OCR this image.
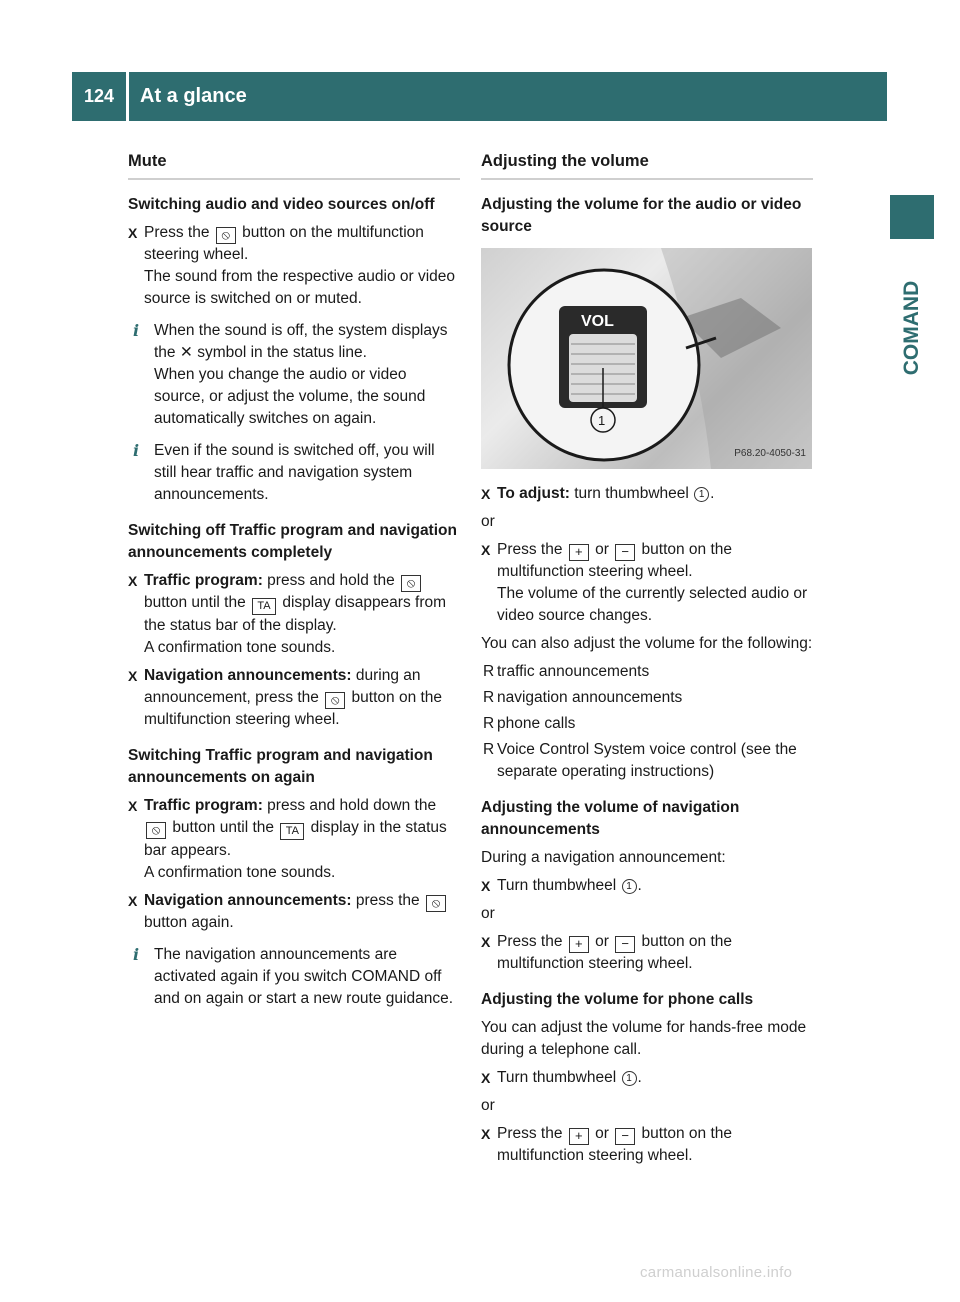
124	At a glance
COMAND
Mute
Switching audio and video sources on/off
X Press the ⦸ button on the multifunction steering wheel.
The sound from the respective audio or video source is switched on or muted.
i When the sound is off, the system displays the ✕ symbol in the status line.
When you change the audio or video source, or adjust the volume, the sound automatically switches on again.
i Even if the sound is switched off, you will still hear traffic and navigation system announcements.
Switching off Traffic program and navigation announcements completely
X Traffic program: press and hold the ⦸ button until the TA display disappears from the status bar of the display.
A confirmation tone sounds.
X Navigation announcements: during an announcement, press the ⦸ button on the multifunction steering wheel.
Switching Traffic program and navigation announcements on again
X Traffic program: press and hold down the ⦸ button until the TA display in the status bar appears.
A confirmation tone sounds.
X Navigation announcements: press the ⦸ button again.
i The navigation announcements are activated again if you switch COMAND off and on again or start a new route guidance.
Adjusting the volume
Adjusting the volume for the audio or video source
VOL
1
P68.20-4050-31
X To adjust: turn thumbwheel 1 .

or

X Press the + or − button on the multifunction steering wheel.
The volume of the currently selected audio or video source changes.

You can also adjust the volume for the following:

R traffic announcements
R navigation announcements
R phone calls
R Voice Control System voice control (see the separate operating instructions)
Adjusting the volume of navigation announcements

During a navigation announcement:

X Turn thumbwheel 1 .

or

X Press the + or − button on the multifunction steering wheel.
Adjusting the volume for phone calls

You can adjust the volume for hands-free mode during a telephone call.

X Turn thumbwheel 1 .

or

X Press the + or − button on the multifunction steering wheel.
carmanualsonline.info
